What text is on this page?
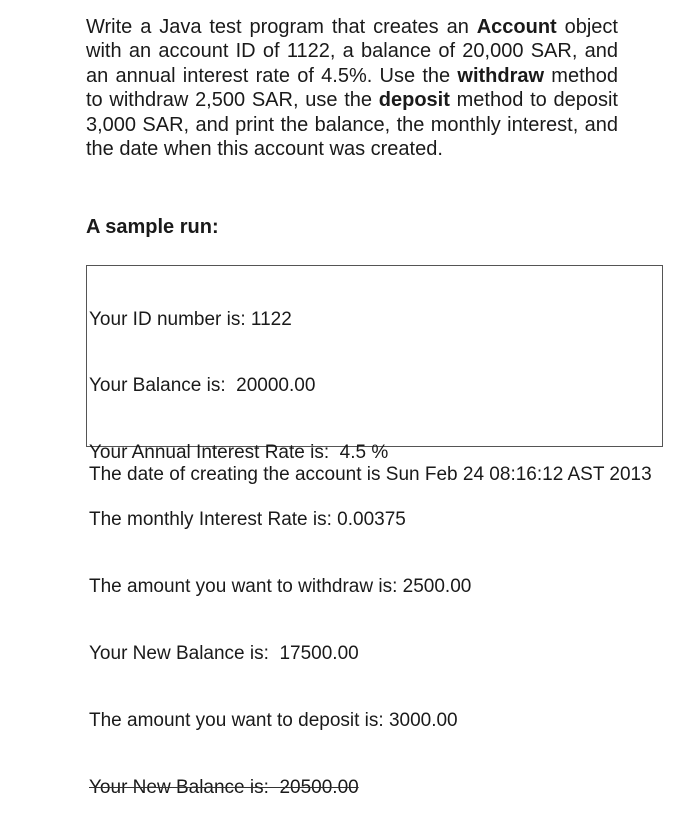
Write a Java test program that creates an Account object with an account ID of 1122, a balance of 20,000 SAR, and an annual interest rate of 4.5%. Use the withdraw method to withdraw 2,500 SAR, use the deposit method to deposit 3,000 SAR, and print the balance, the monthly interest, and the date when this account was created.
A sample run:

Your ID number is: 1122

Your Balance is:  20000.00

Your Annual Interest Rate is:  4.5 %

The monthly Interest Rate is: 0.00375

The amount you want to withdraw is: 2500.00

Your New Balance is:  17500.00

The amount you want to deposit is: 3000.00

Your New Balance is:  20500.00

The date of creating the account is Sun Feb 24 08:16:12 AST 2013
